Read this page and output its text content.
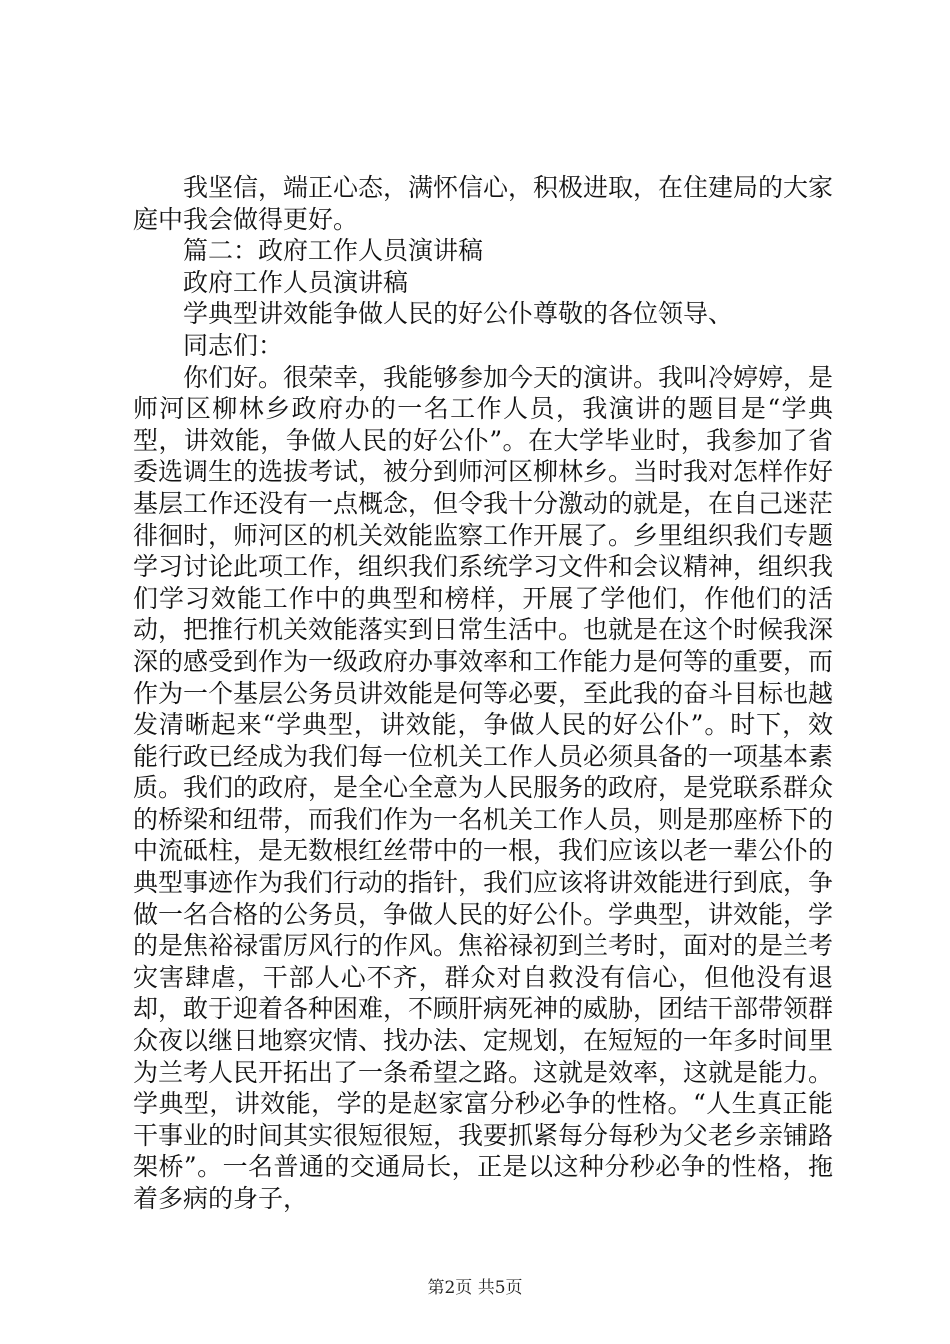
我坚信，端正心态，满怀信心，积极进取，在住建局的大家庭中我会做得更好。

篇二：政府工作人员演讲稿

政府工作人员演讲稿

学典型讲效能争做人民的好公仆尊敬的各位领导、

同志们：

你们好。很荣幸，我能够参加今天的演讲。我叫冷婷婷，是师河区柳林乡政府办的一名工作人员，我演讲的题目是“学典型，讲效能，争做人民的好公仆”。在大学毕业时，我参加了省委选调生的选拔考试，被分到师河区柳林乡。当时我对怎样作好基层工作还没有一点概念，但令我十分激动的就是，在自己迷茫徘徊时，师河区的机关效能监察工作开展了。乡里组织我们专题学习讨论此项工作，组织我们系统学习文件和会议精神，组织我们学习效能工作中的典型和榜样，开展了学他们，作他们的活动，把推行机关效能落实到日常生活中。也就是在这个时候我深深的感受到作为一级政府办事效率和工作能力是何等的重要，而作为一个基层公务员讲效能是何等必要，至此我的奋斗目标也越发清晰起来“学典型，讲效能，争做人民的好公仆”。时下，效能行政已经成为我们每一位机关工作人员必须具备的一项基本素质。我们的政府，是全心全意为人民服务的政府，是党联系群众的桥梁和纽带，而我们作为一名机关工作人员，则是那座桥下的中流砥柱，是无数根红丝带中的一根，我们应该以老一辈公仆的典型事迹作为我们行动的指针，我们应该将讲效能进行到底，争做一名合格的公务员，争做人民的好公仆。学典型，讲效能，学的是焦裕禄雷厉风行的作风。焦裕禄初到兰考时，面对的是兰考灾害肆虐，干部人心不齐，群众对自救没有信心，但他没有退却，敢于迎着各种困难，不顾肝病死神的威胁，团结干部带领群众夜以继日地察灾情、找办法、定规划，在短短的一年多时间里为兰考人民开拓出了一条希望之路。这就是效率，这就是能力。学典型，讲效能，学的是赵家富分秒必争的性格。“人生真正能干事业的时间其实很短很短，我要抓紧每分每秒为父老乡亲铺路架桥”。一名普通的交通局长，正是以这种分秒必争的性格，拖着多病的身子，

第2页 共5页
